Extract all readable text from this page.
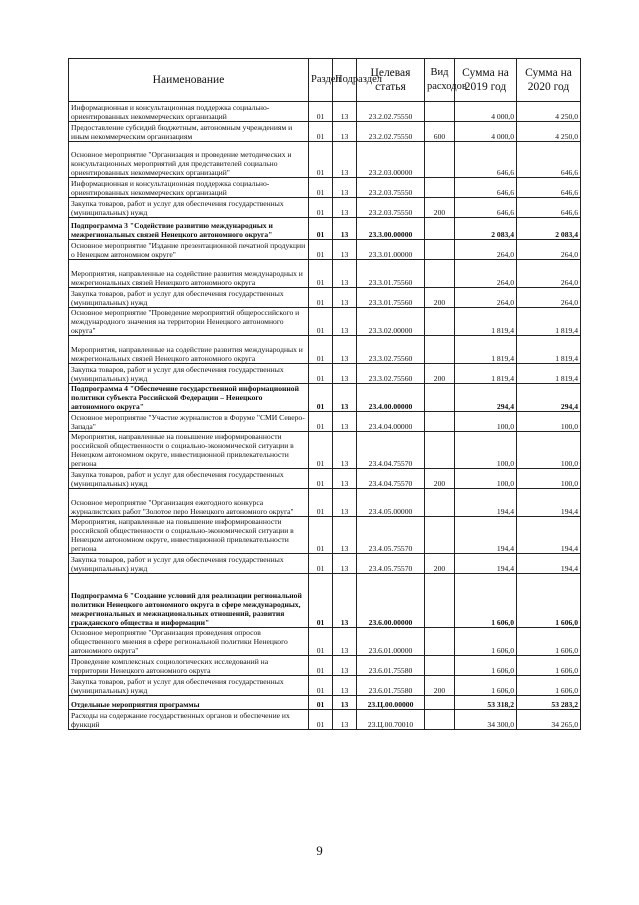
Наименование	Раздел	Подраздел	Целевая статья	Вид расходов	Сумма на 2019 год	Сумма на 2020 год
Информационная и консультационная поддержка социально-ориентированных некоммерческих организаций	01	13	23.2.02.75550		4 000,0	4 250,0
Предоставление субсидий бюджетным, автономным учреждениям и иным некоммерческим организациям	01	13	23.2.02.75550	600	4 000,0	4 250,0
Основное мероприятие "Организация и проведение методических и консультационных мероприятий для представителей социально ориентированных некоммерческих организаций"	01	13	23.2.03.00000		646,6	646,6
Информационная и консультационная поддержка социально-ориентированных некоммерческих организаций	01	13	23.2.03.75550		646,6	646,6
Закупка товаров, работ и услуг для обеспечения государственных (муниципальных) нужд	01	13	23.2.03.75550	200	646,6	646,6
Подпрограмма 3 "Содействие развитию международных и межрегиональных связей Ненецкого автономного округа"	01	13	23.3.00.00000		2 083,4	2 083,4
Основное мероприятие "Издание презентационной печатной продукции о Ненецком автономном округе"	01	13	23.3.01.00000		264,0	264,0
Мероприятия, направленные на содействие развития международных и межрегиональных связей Ненецкого автономного округа	01	13	23.3.01.75560		264,0	264,0
Закупка товаров, работ и услуг для обеспечения государственных (муниципальных) нужд	01	13	23.3.01.75560	200	264,0	264,0
Основное мероприятие "Проведение мероприятий общероссийского и международного значения на территории Ненецкого автономного округа"	01	13	23.3.02.00000		1 819,4	1 819,4
Мероприятия, направленные на содействие развития международных и межрегиональных связей Ненецкого автономного округа	01	13	23.3.02.75560		1 819,4	1 819,4
Закупка товаров, работ и услуг для обеспечения государственных (муниципальных) нужд	01	13	23.3.02.75560	200	1 819,4	1 819,4
Подпрограмма 4 "Обеспечение государственной информационной политики субъекта Российской Федерации – Ненецкого автономного округа"	01	13	23.4.00.00000		294,4	294,4
Основное мероприятие "Участие журналистов в Форуме "СМИ Северо-Запада"	01	13	23.4.04.00000		100,0	100,0
Мероприятия, направленные на повышение информированности российской общественности о социально-экономической ситуации в Ненецком автономном округе, инвестиционной привлекательности региона	01	13	23.4.04.75570		100,0	100,0
Закупка товаров, работ и услуг для обеспечения государственных (муниципальных) нужд	01	13	23.4.04.75570	200	100,0	100,0
Основное мероприятие "Организация ежегодного конкурса журналистских работ "Золотое перо Ненецкого автономного округа"	01	13	23.4.05.00000		194,4	194,4
Мероприятия, направленные на повышение информированности российской общественности о социально-экономической ситуации в Ненецком автономном округе, инвестиционной привлекательности региона	01	13	23.4.05.75570		194,4	194,4
Закупка товаров, работ и услуг для обеспечения государственных (муниципальных) нужд	01	13	23.4.05.75570	200	194,4	194,4
Подпрограмма 6 "Создание условий для реализации региональной политики Ненецкого автономного округа в сфере международных, межрегиональных и межнациональных отношений, развития гражданского общества и информации"	01	13	23.6.00.00000		1 606,0	1 606,0
Основное мероприятие "Организация проведения опросов общественного мнения в сфере региональной политики Ненецкого автономного округа"	01	13	23.6.01.00000		1 606,0	1 606,0
Проведение комплексных социологических исследований на территории Ненецкого автономного округа	01	13	23.6.01.75580		1 606,0	1 606,0
Закупка товаров, работ и услуг для обеспечения государственных (муниципальных) нужд	01	13	23.6.01.75580	200	1 606,0	1 606,0
Отдельные мероприятия программы	01	13	23.Ц.00.00000		53 318,2	53 283,2
Расходы на содержание государственных органов и обеспечение их функций	01	13	23.Ц.00.70010		34 300,0	34 265,0
9
